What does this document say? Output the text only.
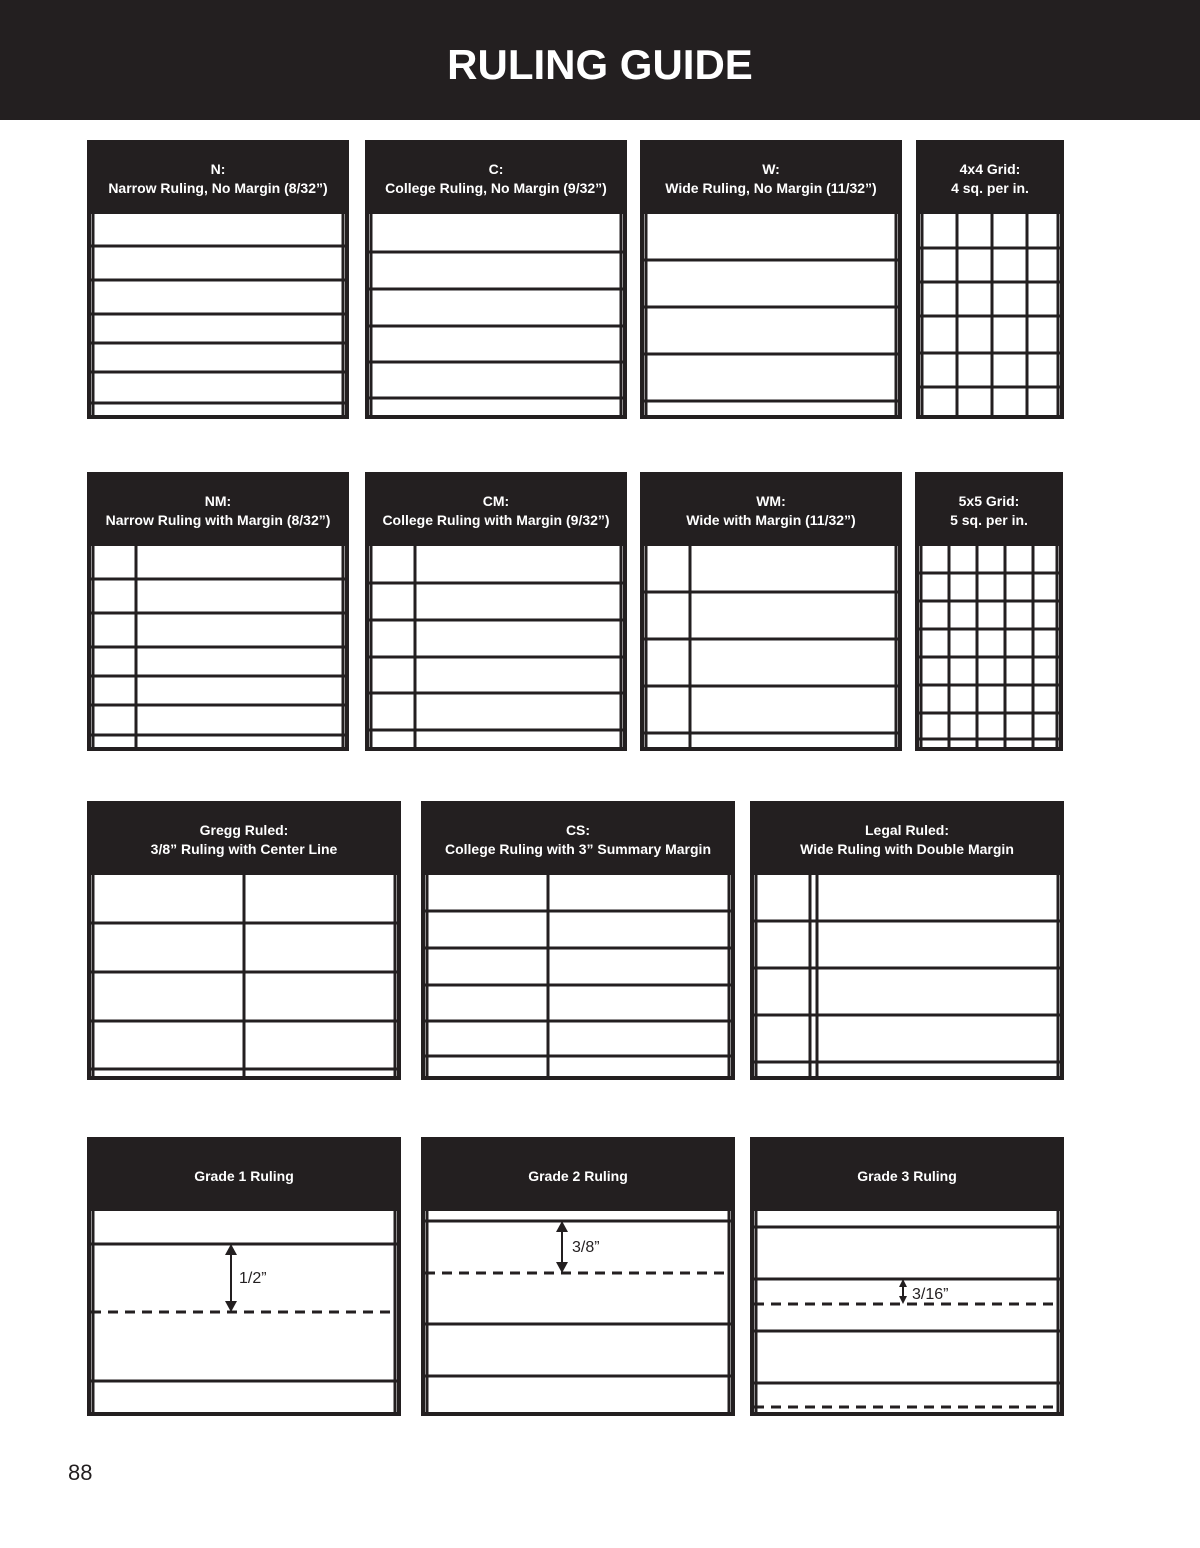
RULING GUIDE
N:
Narrow Ruling, No Margin (8/32”)
C:
College Ruling, No Margin (9/32”)
W:
Wide Ruling, No Margin (11/32”)
4x4 Grid:
4 sq. per in.
NM:
Narrow Ruling with Margin (8/32”)
CM:
College Ruling with Margin (9/32”)
WM:
Wide with Margin (11/32”)
5x5 Grid:
5 sq. per in.
Gregg Ruled:
3/8” Ruling with Center Line
CS:
College Ruling with 3” Summary Margin
Legal Ruled:
Wide Ruling with Double Margin
Grade 1 Ruling
1/2”
Grade 2 Ruling
3/8”
Grade 3 Ruling
3/16”
88
